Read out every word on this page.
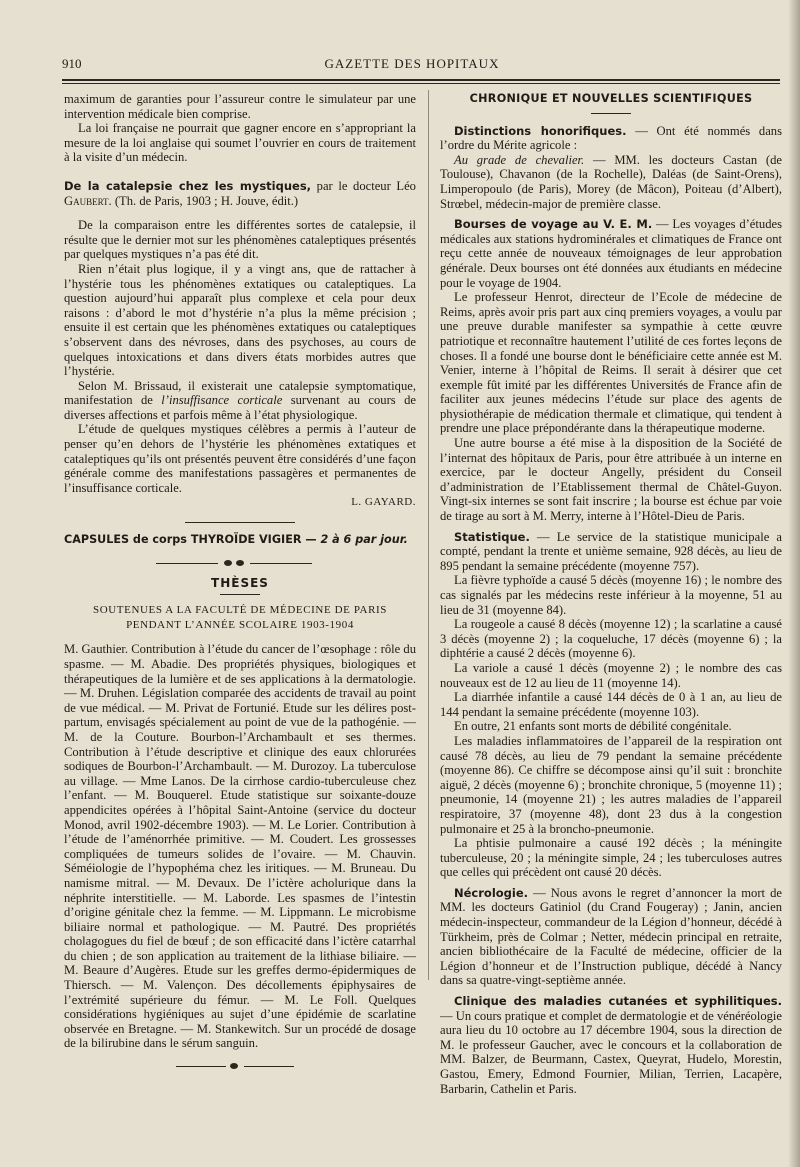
910	GAZETTE DES HOPITAUX

maximum de garanties pour l’assureur contre le simulateur par une intervention médicale bien comprise.

La loi française ne pourrait que gagner encore en s’appropriant la mesure de la loi anglaise qui soumet l’ouvrier en cours de traitement à la visite d’un médecin.

De la catalepsie chez les mystiques, par le docteur Léo Gaubert. (Th. de Paris, 1903 ; H. Jouve, édit.)

De la comparaison entre les différentes sortes de catalepsie, il résulte que le dernier mot sur les phénomènes cataleptiques présentés par quelques mystiques n’a pas été dit.

Rien n’était plus logique, il y a vingt ans, que de rattacher à l’hystérie tous les phénomènes extatiques ou cataleptiques. La question aujourd’hui apparaît plus complexe et cela pour deux raisons : d’abord le mot d’hystérie n’a plus la même précision ; ensuite il est certain que les phénomènes extatiques ou cataleptiques s’observent dans des névroses, dans des psychoses, au cours de quelques intoxications et dans divers états morbides autres que l’hystérie.

Selon M. Brissaud, il existerait une catalepsie symptomatique, manifestation de l’insuffisance corticale survenant au cours de diverses affections et parfois même à l’état physiologique.

L’étude de quelques mystiques célèbres a permis à l’auteur de penser qu’en dehors de l’hystérie les phénomènes extatiques et cataleptiques qu’ils ont présentés peuvent être considérés d’une façon générale comme des manifestations passagères et permanentes de l’insuffisance corticale.

L. GAYARD.

CAPSULES de corps THYROÏDE VIGIER — 2 à 6 par jour.

THÈSES

SOUTENUES A LA FACULTÉ DE MÉDECINE DE PARIS

PENDANT L’ANNÉE SCOLAIRE 1903-1904

M. Gauthier. Contribution à l’étude du cancer de l’œsophage : rôle du spasme. — M. Abadie. Des propriétés physiques, biologiques et thérapeutiques de la lumière et de ses applications à la dermatologie. — M. Druhen. Législation comparée des accidents de travail au point de vue médical. — M. Privat de Fortunié. Etude sur les délires post-partum, envisagés spécialement au point de vue de la pathogénie. — M. de la Couture. Bourbon-l’Archambault et ses thermes. Contribution à l’étude descriptive et clinique des eaux chlorurées sodiques de Bourbon-l’Archambault. — M. Durozoy. La tuberculose au village. — Mme Lanos. De la cirrhose cardio-tuberculeuse chez l’enfant. — M. Bouquerel. Etude statistique sur soixante-douze appendicites opérées à l’hôpital Saint-Antoine (service du docteur Monod, avril 1902-décembre 1903). — M. Le Lorier. Contribution à l’étude de l’aménorrhée primitive. — M. Coudert. Les grossesses compliquées de tumeurs solides de l’ovaire. — M. Chauvin. Séméiologie de l’hypophéma chez les iritiques. — M. Bruneau. Du namisme mitral. — M. Devaux. De l’ictère acholurique dans la néphrite interstitielle. — M. Laborde. Les spasmes de l’intestin d’origine génitale chez la femme. — M. Lippmann. Le microbisme biliaire normal et pathologique. — M. Pautré. Des propriétés cholagogues du fiel de bœuf ; de son efficacité dans l’ictère catarrhal du chien ; de son application au traitement de la lithiase biliaire. — M. Beaure d’Augères. Etude sur les greffes dermo-épidermiques de Thiersch. — M. Valençon. Des décollements épiphysaires de l’extrémité supérieure du fémur. — M. Le Foll. Quelques considérations hygiéniques au sujet d’une épidémie de scarlatine observée en Bretagne. — M. Stankewitch. Sur un procédé de dosage de la bilirubine dans le sérum sanguin.

CHRONIQUE ET NOUVELLES SCIENTIFIQUES

Distinctions honorifiques. — Ont été nommés dans l’ordre du Mérite agricole :

Au grade de chevalier. — MM. les docteurs Castan (de Toulouse), Chavanon (de la Rochelle), Daléas (de Saint-Orens), Limperopoulo (de Paris), Morey (de Mâcon), Poiteau (d’Albert), Strœbel, médecin-major de première classe.

Bourses de voyage au V. E. M. — Les voyages d’études médicales aux stations hydrominérales et climatiques de France ont reçu cette année de nouveaux témoignages de leur approbation générale. Deux bourses ont été données aux étudiants en médecine pour le voyage de 1904.

Le professeur Henrot, directeur de l’Ecole de médecine de Reims, après avoir pris part aux cinq premiers voyages, a voulu par une preuve durable manifester sa sympathie à cette œuvre patriotique et reconnaître hautement l’utilité de ces fortes leçons de choses. Il a fondé une bourse dont le bénéficiaire cette année est M. Venier, interne à l’hôpital de Reims. Il serait à désirer que cet exemple fût imité par les différentes Universités de France afin de faciliter aux jeunes médecins l’étude sur place des agents de physiothérapie de médication thermale et climatique, qui tendent à prendre une place prépondérante dans la thérapeutique moderne.

Une autre bourse a été mise à la disposition de la Société de l’internat des hôpitaux de Paris, pour être attribuée à un interne en exercice, par le docteur Angelly, président du Conseil d’administration de l’Etablissement thermal de Châtel-Guyon. Vingt-six internes se sont fait inscrire ; la bourse est échue par voie de tirage au sort à M. Merry, interne à l’Hôtel-Dieu de Paris.

Statistique. — Le service de la statistique municipale a compté, pendant la trente et unième semaine, 928 décès, au lieu de 895 pendant la semaine précédente (moyenne 757).

La fièvre typhoïde a causé 5 décès (moyenne 16) ; le nombre des cas signalés par les médecins reste inférieur à la moyenne, 51 au lieu de 31 (moyenne 84).

La rougeole a causé 8 décès (moyenne 12) ; la scarlatine a causé 3 décès (moyenne 2) ; la coqueluche, 17 décès (moyenne 6) ; la diphtérie a causé 2 décès (moyenne 6).

La variole a causé 1 décès (moyenne 2) ; le nombre des cas nouveaux est de 12 au lieu de 11 (moyenne 14).

La diarrhée infantile a causé 144 décès de 0 à 1 an, au lieu de 144 pendant la semaine précédente (moyenne 103).

En outre, 21 enfants sont morts de débilité congénitale.

Les maladies inflammatoires de l’appareil de la respiration ont causé 78 décès, au lieu de 79 pendant la semaine précédente (moyenne 86). Ce chiffre se décompose ainsi qu’il suit : bronchite aiguë, 2 décès (moyenne 6) ; bronchite chronique, 5 (moyenne 11) ; pneumonie, 14 (moyenne 21) ; les autres maladies de l’appareil respiratoire, 37 (moyenne 48), dont 23 dus à la congestion pulmonaire et 25 à la broncho-pneumonie.

La phtisie pulmonaire a causé 192 décès ; la méningite tuberculeuse, 20 ; la méningite simple, 24 ; les tuberculoses autres que celles qui précèdent ont causé 20 décès.

Nécrologie. — Nous avons le regret d’annoncer la mort de MM. les docteurs Gatiniol (du Crand Fougeray) ; Janin, ancien médecin-inspecteur, commandeur de la Légion d’honneur, décédé à Türkheim, près de Colmar ; Netter, médecin principal en retraite, ancien bibliothécaire de la Faculté de médecine, officier de la Légion d’honneur et de l’Instruction publique, décédé à Nancy dans sa quatre-vingt-septième année.

Clinique des maladies cutanées et syphilitiques. — Un cours pratique et complet de dermatologie et de vénéréologie aura lieu du 10 octobre au 17 décembre 1904, sous la direction de M. le professeur Gaucher, avec le concours et la collaboration de MM. Balzer, de Beurmann, Castex, Queyrat, Hudelo, Morestin, Gastou, Emery, Edmond Fournier, Milian, Terrien, Lacapère, Barbarin, Cathelin et Paris.
